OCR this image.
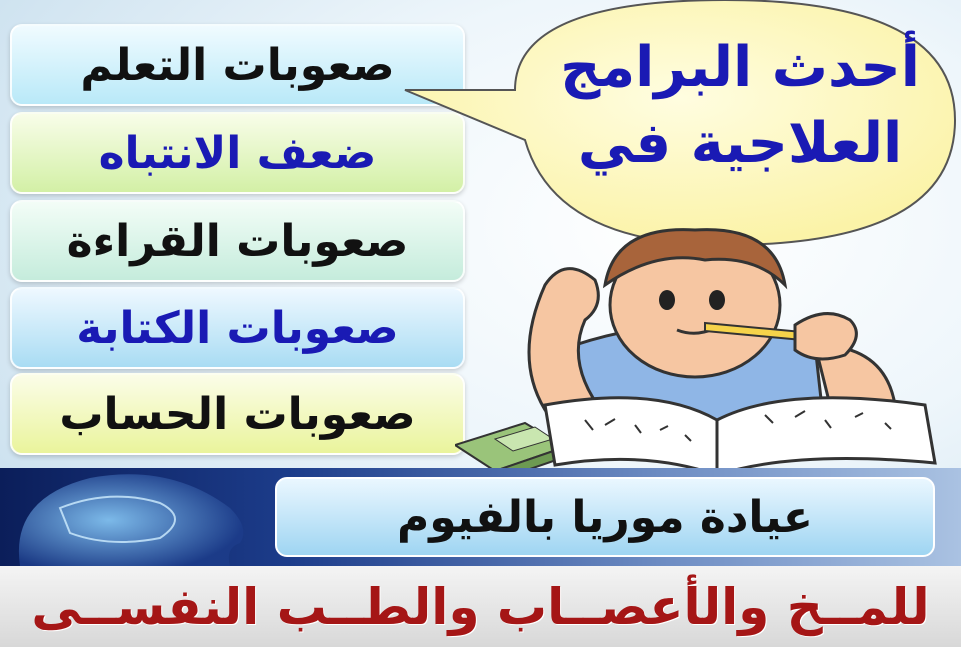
صعوبات التعلم
ضعف الانتباه
صعوبات القراءة
صعوبات الكتابة
صعوبات الحساب
أحدث البرامج
العلاجية في
عيادة موريا بالفيوم
للمــخ والأعصــاب والطــب النفســى
